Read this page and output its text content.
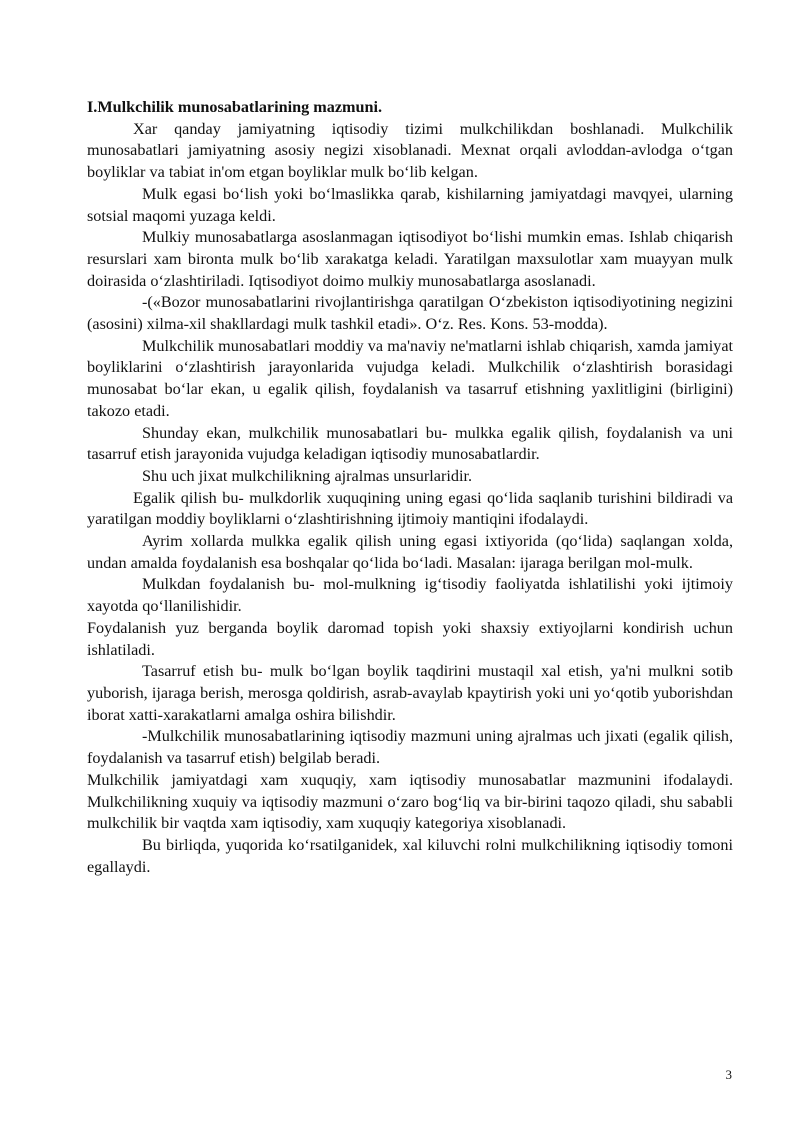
I.Mulkchilik munosabatlarining mazmuni.

Xar qanday jamiyatning iqtisodiy tizimi mulkchilikdan boshlanadi. Mulkchilik munosabatlari jamiyatning asosiy negizi xisoblanadi. Mexnat orqali avloddan-avlodga o‘tgan boyliklar va tabiat in'om etgan boyliklar mulk bo‘lib kelgan.

Mulk egasi bo‘lish yoki bo‘lmaslikka qarab, kishilarning jamiyatdagi mavqyei, ularning sotsial maqomi yuzaga keldi.

Mulkiy munosabatlarga asoslanmagan iqtisodiyot bo‘lishi mumkin emas. Ishlab chiqarish resurslari xam bironta mulk bo‘lib xarakatga keladi. Yaratilgan maxsulotlar xam muayyan mulk doirasida o‘zlashtiriladi. Iqtisodiyot doimo mulkiy munosabatlarga asoslanadi.

-(«Bozor munosabatlarini rivojlantirishga qaratilgan O‘zbekiston iqtisodiyotining negizini (asosini) xilma-xil shakllardagi mulk tashkil etadi». O‘z. Res. Kons. 53-modda).

Mulkchilik munosabatlari moddiy va ma'naviy ne'matlarni ishlab chiqarish, xamda jamiyat boyliklarini o‘zlashtirish jarayonlarida vujudga keladi. Mulkchilik o‘zlashtirish borasidagi munosabat bo‘lar ekan, u egalik qilish, foydalanish va tasarruf etishning yaxlitligini (birligini) takozo etadi.

Shunday ekan, mulkchilik munosabatlari bu- mulkka egalik qilish, foydalanish va uni tasarruf etish jarayonida vujudga keladigan iqtisodiy munosabatlardir.

Shu uch jixat mulkchilikning ajralmas unsurlaridir.

Egalik qilish bu- mulkdorlik xuquqining uning egasi qo‘lida saqlanib turishini bildiradi va yaratilgan moddiy boyliklarni o‘zlashtirishning ijtimoiy mantiqini ifodalaydi.

Ayrim xollarda mulkka egalik qilish uning egasi ixtiyorida (qo‘lida) saqlangan xolda, undan amalda foydalanish esa boshqalar qo‘lida bo‘ladi. Masalan: ijaraga berilgan mol-mulk.

Mulkdan foydalanish bu- mol-mulkning ig‘tisodiy faoliyatda ishlatilishi yoki ijtimoiy xayotda qo‘llanilishidir.

Foydalanish yuz berganda boylik daromad topish yoki shaxsiy extiyojlarni kondirish uchun ishlatiladi.

Tasarruf etish bu- mulk bo‘lgan boylik taqdirini mustaqil xal etish, ya'ni mulkni sotib yuborish, ijaraga berish, merosga qoldirish, asrab-avaylab kpaytirish yoki uni yo‘qotib yuborishdan iborat xatti-xarakatlarni amalga oshira bilishdir.

-Mulkchilik munosabatlarining iqtisodiy mazmuni uning ajralmas uch jixati (egalik qilish, foydalanish va tasarruf etish) belgilab beradi.

Mulkchilik jamiyatdagi xam xuquqiy, xam iqtisodiy munosabatlar mazmunini ifodalaydi. Mulkchilikning xuquiy va iqtisodiy mazmuni o‘zaro bog‘liq va bir-birini taqozo qiladi, shu sababli mulkchilik bir vaqtda xam iqtisodiy, xam xuquqiy kategoriya xisoblanadi.

Bu birliqda, yuqorida ko‘rsatilganidek, xal kiluvchi rolni mulkchilikning iqtisodiy tomoni egallaydi.

3
